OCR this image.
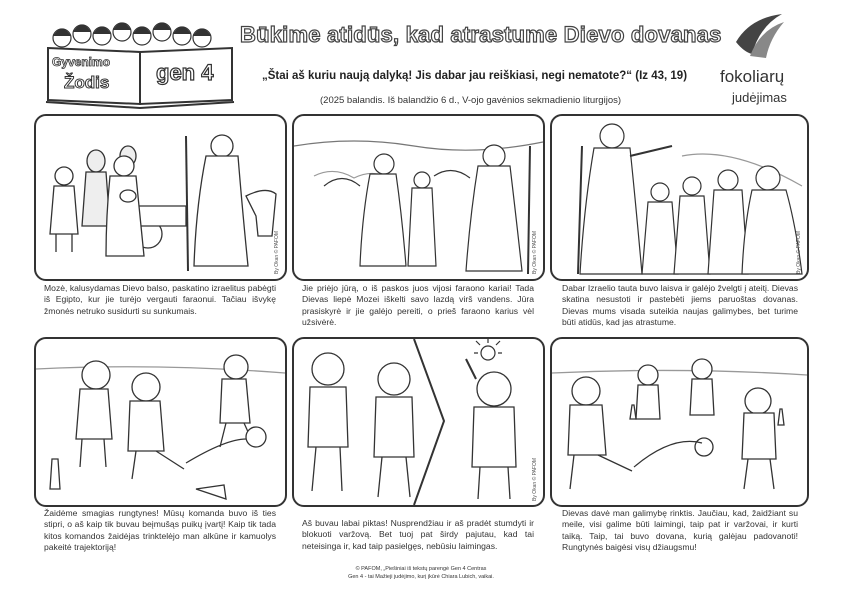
Gyvenimo
Žodis gen 4
Būkime atidūs, kad atrastume Dievo dovanas
„Štai aš kuriu naują dalyką! Jis dabar jau reiškiasi, negi nematote?“ (Iz 43, 19)
(2025 balandis. Iš balandžio 6 d., V-ojo gavėnios sekmadienio liturgijos)
fokoliarų
judėjimas
By Okan © PAFOM
Mozė, kalusydamas Dievo balso, paskatino izraelitus pabėgti iš Egipto, kur jie turėjo vergauti faraonui. Tačiau išvykę žmonės netruko susidurti su sunkumais.
By Okan © PAFOM
Jie priėjo jūrą, o iš paskos juos vijosi faraono kariai! Tada Dievas liepė Mozei iškelti savo lazdą virš vandens. Jūra prasiskyrė ir jie galėjo pereiti, o prieš faraono karius vėl užsivėrė.
By Okan © PAFOM
Dabar Izraelio tauta buvo laisva ir galėjo žvelgti į ateitį. Dievas skatina nesustoti ir pastebėti jiems paruoštas dovanas. Dievas mums visada suteikia naujas galimybes, bet turime būti atidūs, kad jas atrastume.
Žaidėme smagias rungtynes! Mūsų komanda buvo iš ties stipri, o aš kaip tik buvau beįmušąs puikų įvartį! Kaip tik tada kitos komandos žaidėjas trinktelėjo man alkūne ir kamuolys pakeitė trajektoriją!
By Okan © PAFOM
Aš buvau labai piktas! Nusprendžiau ir aš pradėt stumdyti ir blokuoti varžovą. Bet tuoj pat širdy pajutau, kad tai neteisinga ir, kad taip pasielgęs, nebūsiu laimingas.
Dievas davė man galimybę rinktis. Jaučiau, kad, žaidžiant su meile, visi galime būti laimingi, taip pat ir varžovai, ir kurti taiką. Taip, tai buvo dovana, kurią galėjau padovanoti! Rungtynės baigėsi visų džiaugsmu!
© PAFOM, „Piešiniai iš tekstų parengė Gen 4 Centras
Gen 4 - tai Mažieji judėjimo, kurį įkūrė Chiara Lubich, vaikai.
